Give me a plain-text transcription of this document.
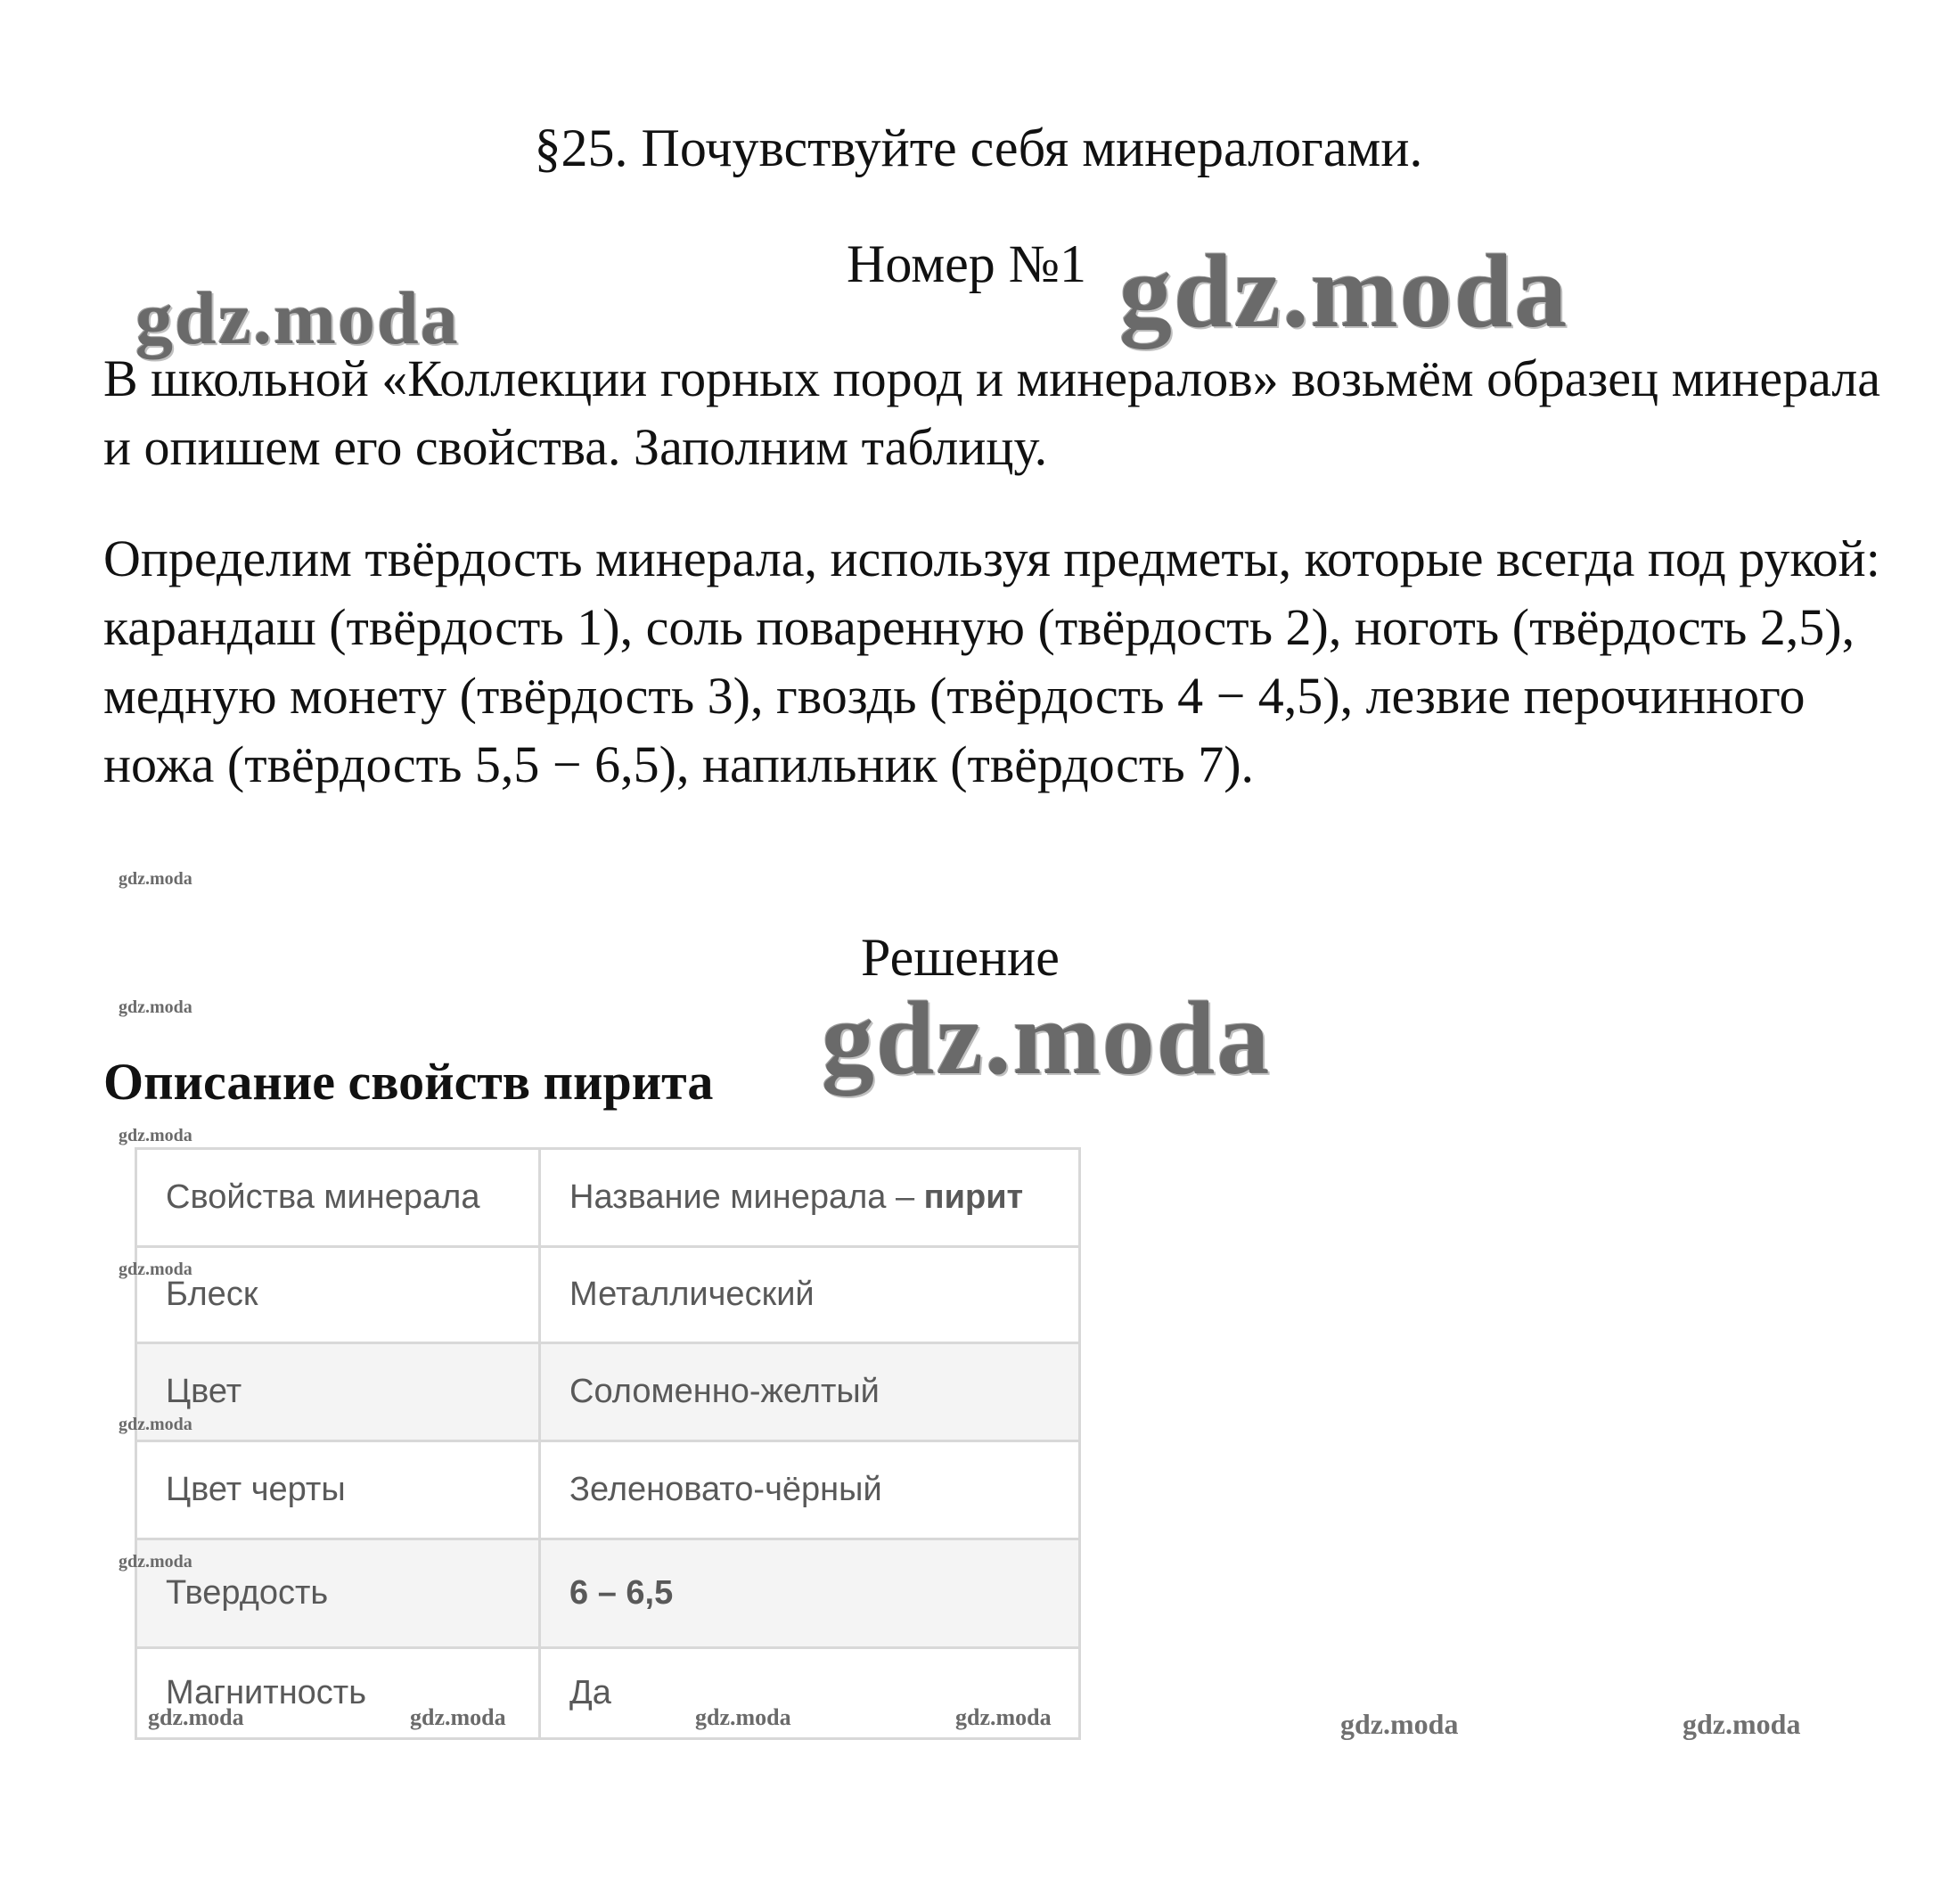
§25. Почувствуйте себя минералогами.
Номер №1
gdz.moda	gdz.moda

В школьной «Коллекции горных пород и минералов» возьмём образец минерала и опишем его свойства. Заполним таблицу.

Определим твёрдость минерала, используя предметы, которые всегда под рукой: карандаш (твёрдость 1), соль поваренную (твёрдость 2), ноготь (твёрдость 2,5), медную монету (твёрдость 3), гвоздь (твёрдость 4 − 4,5), лезвие перочинного ножа (твёрдость 5,5 − 6,5), напильник (твёрдость 7).

gdz.moda
Решение
gdz.moda
Описание свойств пирита gdz.moda
gdz.moda
Свойства минерала	Название минерала – пирит
Блеск	Металлический
Цвет	Соломенно-желтый
Цвет черты	Зеленовато-чёрный
Твердость	6 – 6,5
Магнитность	Да
gdz.moda
gdz.moda
gdz.moda
gdz.moda	gdz.moda	gdz.moda	gdz.moda	gdz.moda	gdz.moda
